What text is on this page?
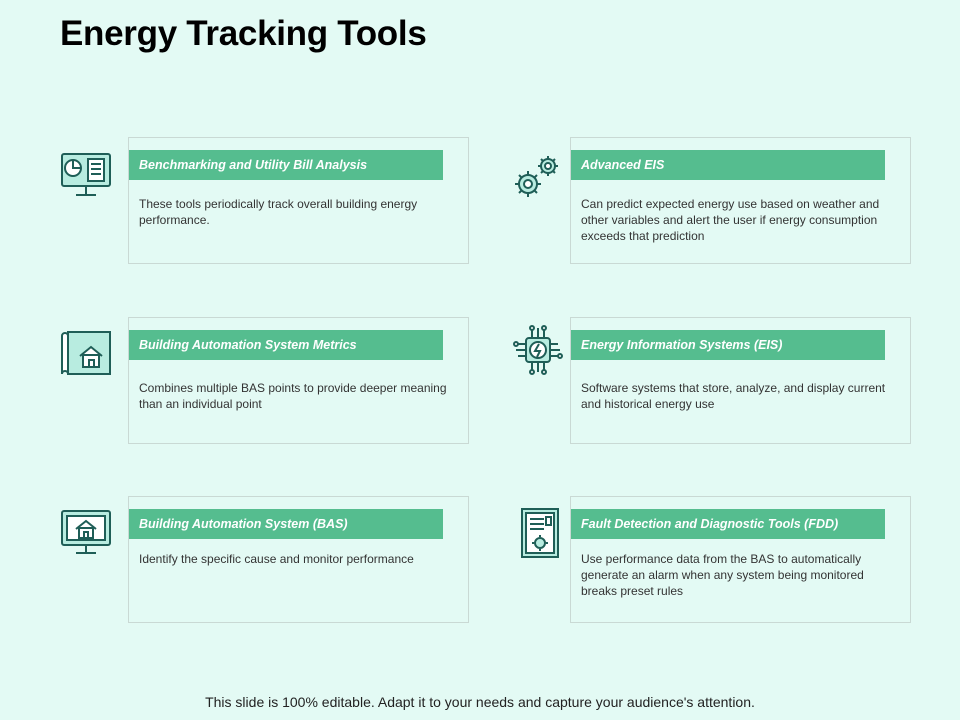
Energy Tracking Tools
Benchmarking and Utility Bill Analysis
These tools periodically track overall building energy performance.
Advanced EIS
Can predict expected energy use based on weather and other variables and alert the user if energy consumption exceeds that prediction
Building Automation System Metrics
Combines multiple BAS points to provide deeper meaning than an individual point
Energy Information Systems (EIS)
Software systems that store, analyze, and display current and historical energy use
Building Automation System (BAS)
Identify the specific cause and monitor performance
Fault Detection and Diagnostic Tools (FDD)
Use performance data from the BAS to automatically generate an alarm when any system being monitored breaks preset rules
This slide is 100% editable. Adapt it to your needs and capture your audience's attention.
